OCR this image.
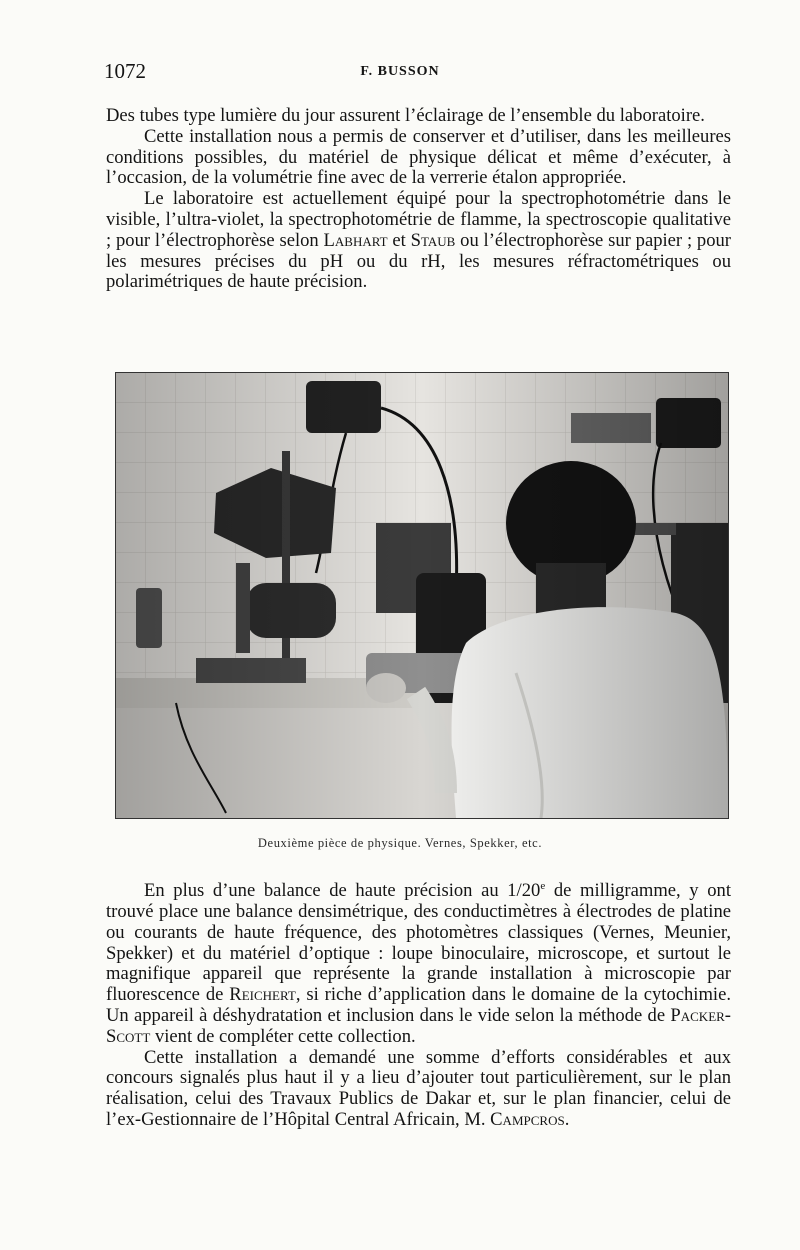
1072	F. BUSSON

Des tubes type lumière du jour assurent l’éclairage de l’ensemble du laboratoire.

Cette installation nous a permis de conserver et d’utiliser, dans les meilleures conditions possibles, du matériel de physique délicat et même d’exécuter, à l’occasion, de la volumétrie fine avec de la verrerie étalon appropriée.

Le laboratoire est actuellement équipé pour la spectrophotométrie dans le visible, l’ultra-violet, la spectrophotométrie de flamme, la spectroscopie qualitative ; pour l’électrophorèse selon Labhart et Staub ou l’électrophorèse sur papier ; pour les mesures précises du pH ou du rH, les mesures réfractométriques ou polarimétriques de haute précision.

Deuxième pièce de physique. Vernes, Spekker, etc.

En plus d’une balance de haute précision au 1/20e de milligramme, y ont trouvé place une balance densimétrique, des conductimètres à électrodes de platine ou courants de haute fréquence, des photomètres classiques (Vernes, Meunier, Spekker) et du matériel d’optique : loupe binoculaire, microscope, et surtout le magnifique appareil que représente la grande installation à microscopie par fluorescence de Reichert, si riche d’application dans le domaine de la cytochimie. Un appareil à déshydratation et inclusion dans le vide selon la méthode de Packer-Scott vient de compléter cette collection.

Cette installation a demandé une somme d’efforts considérables et aux concours signalés plus haut il y a lieu d’ajouter tout particulièrement, sur le plan réalisation, celui des Travaux Publics de Dakar et, sur le plan financier, celui de l’ex-Gestionnaire de l’Hôpital Central Africain, M. Campcros.
